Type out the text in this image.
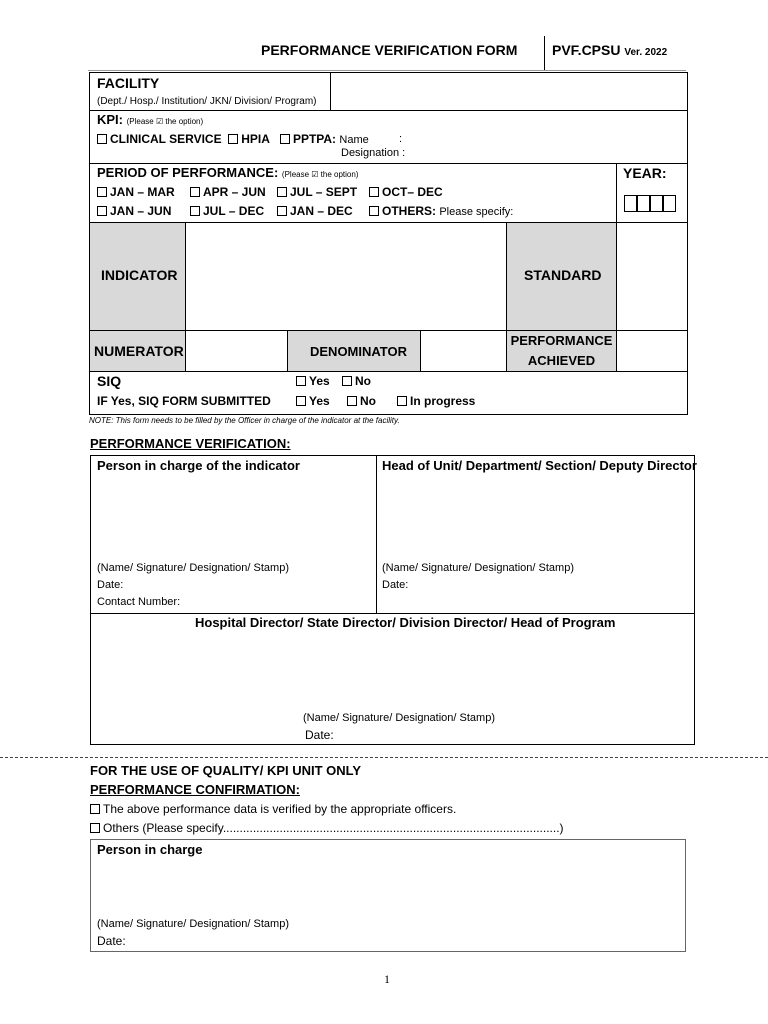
PERFORMANCE VERIFICATION FORM PVF.CPSU Ver. 2022
FACILITY
(Dept./ Hosp./ Institution/ JKN/ Division/ Program)
KPI: (Please ☑ the option)
CLINICAL SERVICE HPIA PPTPA: Name	:
Designation :
PERIOD OF PERFORMANCE: (Please ☑ the option)
JAN – MAR	APR – JUN	JUL – SEPT	OCT– DEC
JAN – JUN	JUL – DEC	JAN – DEC	OTHERS: Please specify:
YEAR:
INDICATOR	STANDARD
NUMERATOR	DENOMINATOR
PERFORMANCE
ACHIEVED
SIQ	Yes	No
IF Yes, SIQ FORM SUBMITTED	Yes	No	In progress
NOTE: This form needs to be filled by the Officer in charge of the indicator at the facility.
PERFORMANCE VERIFICATION:
Person in charge of the indicator
(Name/ Signature/ Designation/ Stamp)
Date:
Contact Number:
Head of Unit/ Department/ Section/ Deputy Director
(Name/ Signature/ Designation/ Stamp)
Date:
Hospital Director/ State Director/ Division Director/ Head of Program
(Name/ Signature/ Designation/ Stamp)
Date:
FOR THE USE OF QUALITY/ KPI UNIT ONLY
PERFORMANCE CONFIRMATION:
The above performance data is verified by the appropriate officers.
Others (Please specify.....................................................................................................)
Person in charge
(Name/ Signature/ Designation/ Stamp)
Date:
1
